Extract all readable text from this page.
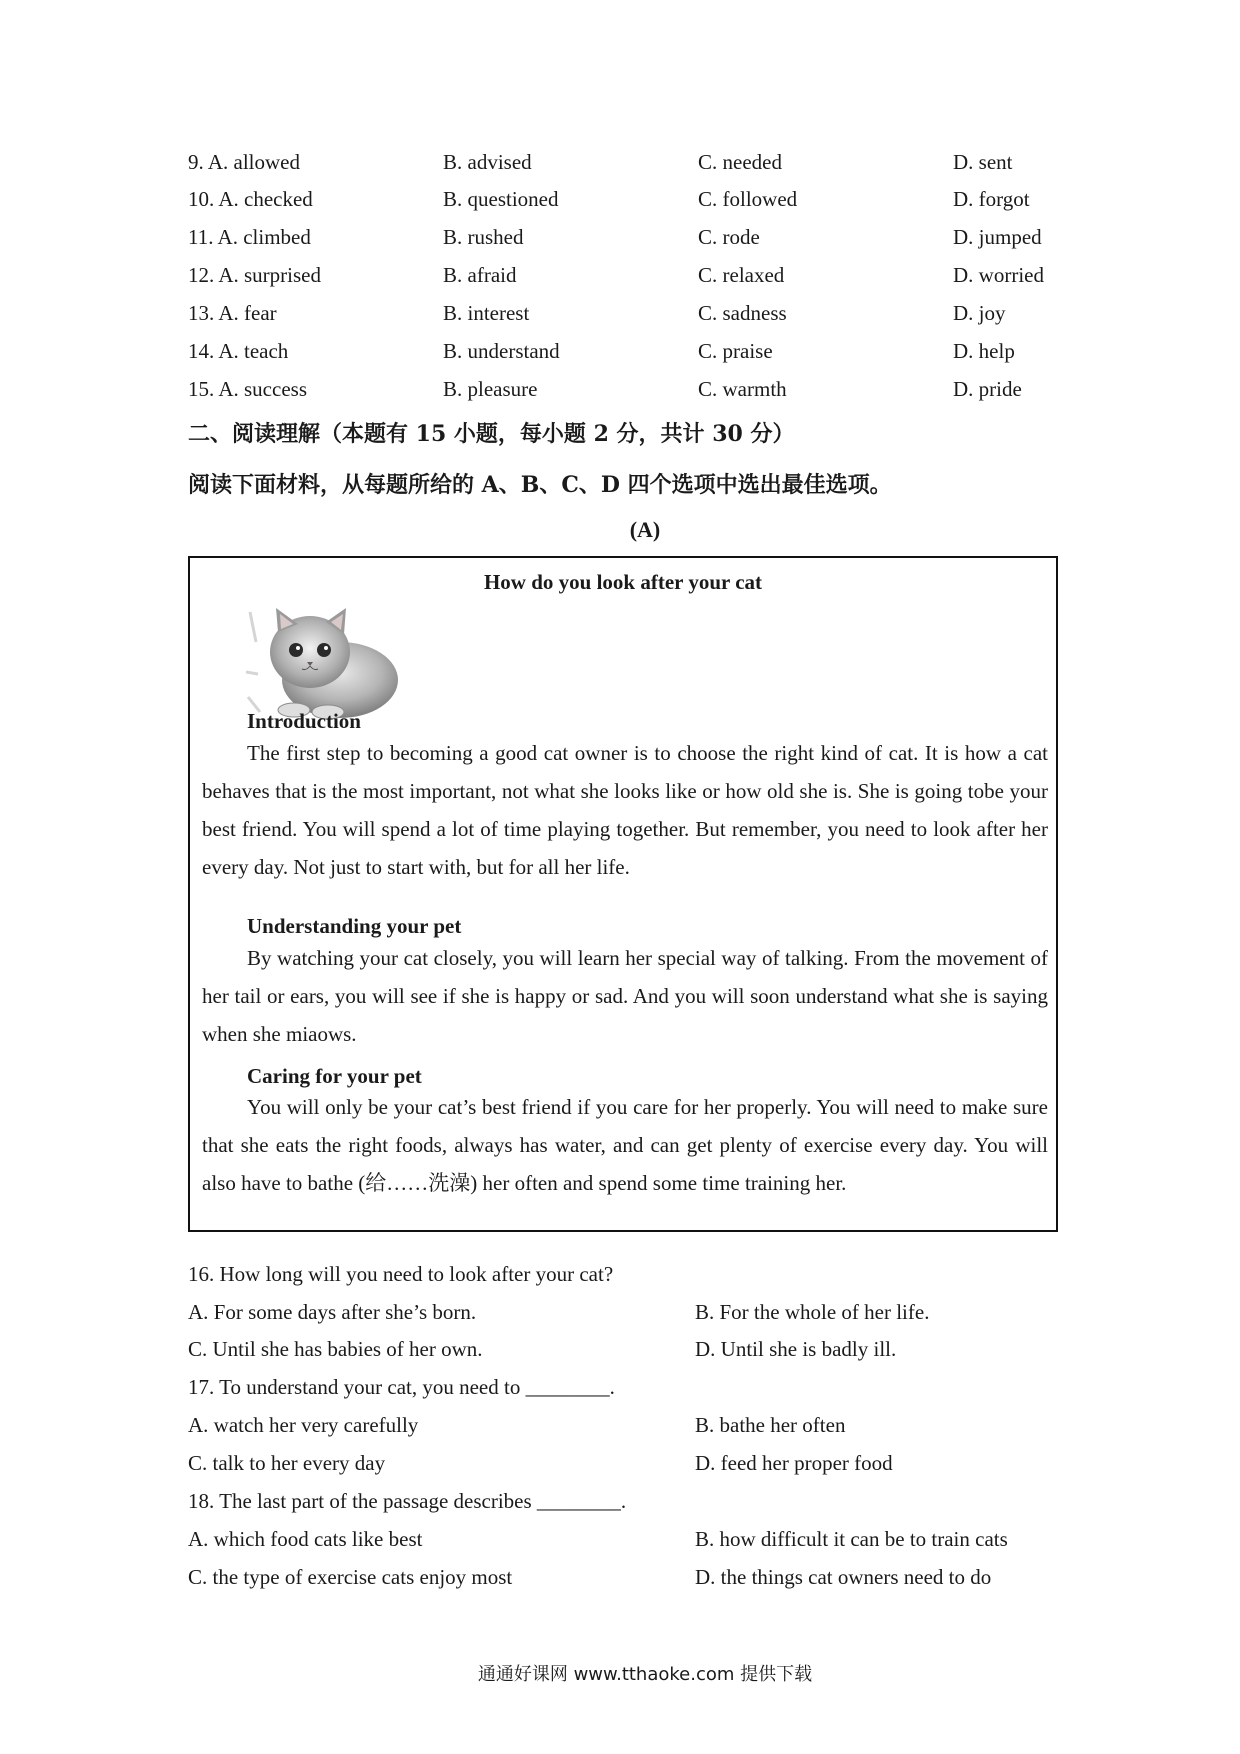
9. A. allowed	B. advised	C. needed	D. sent
10. A. checked	B. questioned	C. followed	D. forgot
11. A. climbed	B. rushed	C. rode	D. jumped
12. A. surprised	B. afraid	C. relaxed	D. worried
13. A. fear	B. interest	C. sadness	D. joy
14. A. teach	B. understand	C. praise	D. help
15. A. success	B. pleasure	C. warmth	D. pride
二、阅读理解（本题有 15 小题，每小题 2 分，共计 30 分）
阅读下面材料，从每题所给的 A、B、C、D 四个选项中选出最佳选项。
(A)
How do you look after your cat
Introduction
The first step to becoming a good cat owner is to choose the right kind of cat. It is how a cat behaves that is the most important, not what she looks like or how old she is. She is going tobe your best friend. You will spend a lot of time playing together. But remember, you need to look after her every day. Not just to start with, but for all her life.
Understanding your pet
By watching your cat closely, you will learn her special way of talking. From the movement of her tail or ears, you will see if she is happy or sad. And you will soon understand what she is saying when she miaows.
Caring for your pet
You will only be your cat’s best friend if you care for her properly. You will need to make sure that she eats the right foods, always has water, and can get plenty of exercise every day. You will also have to bathe (给……洗澡) her often and spend some time training her.
16. How long will you need to look after your cat?
A. For some days after she’s born.	B. For the whole of her life.
C. Until she has babies of her own.	D. Until she is badly ill.
17. To understand your cat, you need to ________.
A. watch her very carefully	B. bathe her often
C. talk to her every day	D. feed her proper food
18. The last part of the passage describes ________.
A. which food cats like best	B. how difficult it can be to train cats
C. the type of exercise cats enjoy most	D. the things cat owners need to do
通通好课网 www.tthaoke.com 提供下载
